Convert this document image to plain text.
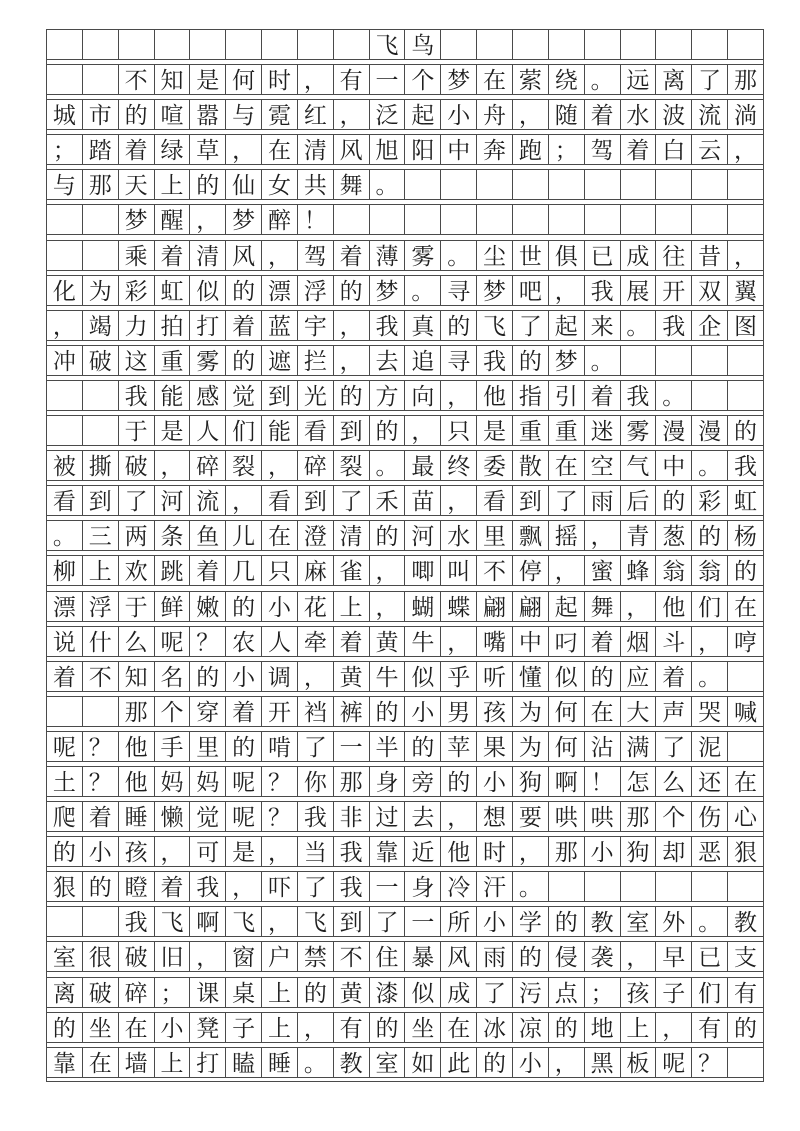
飞 鸟
不 知 是 何 时 ， 有 一 个 梦 在 萦 绕 。 远 离 了 那
城 市 的 喧 嚣 与 霓 红 ， 泛 起 小 舟 ， 随 着 水 波 流 淌
； 踏 着 绿 草 ， 在 清 风 旭 阳 中 奔 跑 ； 驾 着 白 云 ，
与 那 天 上 的 仙 女 共 舞 。
梦 醒 ， 梦 醉 ！
乘 着 清 风 ， 驾 着 薄 雾 。 尘 世 俱 已 成 往 昔 ，
化 为 彩 虹 似 的 漂 浮 的 梦 。 寻 梦 吧 ， 我 展 开 双 翼
， 竭 力 拍 打 着 蓝 宇 ， 我 真 的 飞 了 起 来 。 我 企 图
冲 破 这 重 雾 的 遮 拦 ， 去 追 寻 我 的 梦 。
我 能 感 觉 到 光 的 方 向 ， 他 指 引 着 我 。
于 是 人 们 能 看 到 的 ， 只 是 重 重 迷 雾 漫 漫 的
被 撕 破 ， 碎 裂 ， 碎 裂 。 最 终 委 散 在 空 气 中 。 我
看 到 了 河 流 ， 看 到 了 禾 苗 ， 看 到 了 雨 后 的 彩 虹
。 三 两 条 鱼 儿 在 澄 清 的 河 水 里 飘 摇 ， 青 葱 的 杨
柳 上 欢 跳 着 几 只 麻 雀 ， 唧 叫 不 停 ， 蜜 蜂 翁 翁 的
漂 浮 于 鲜 嫩 的 小 花 上 ， 蝴 蝶 翩 翩 起 舞 ， 他 们 在
说 什 么 呢 ？ 农 人 牵 着 黄 牛 ， 嘴 中 叼 着 烟 斗 ， 哼
着 不 知 名 的 小 调 ， 黄 牛 似 乎 听 懂 似 的 应 着 。
那 个 穿 着 开 裆 裤 的 小 男 孩 为 何 在 大 声 哭 喊
呢 ？ 他 手 里 的 啃 了 一 半 的 苹 果 为 何 沾 满 了 泥
土 ？ 他 妈 妈 呢 ？ 你 那 身 旁 的 小 狗 啊 ！ 怎 么 还 在
爬 着 睡 懒 觉 呢 ？ 我 非 过 去 ， 想 要 哄 哄 那 个 伤 心
的 小 孩 ， 可 是 ， 当 我 靠 近 他 时 ， 那 小 狗 却 恶 狠
狠 的 瞪 着 我 ， 吓 了 我 一 身 冷 汗 。
我 飞 啊 飞 ， 飞 到 了 一 所 小 学 的 教 室 外 。 教
室 很 破 旧 ， 窗 户 禁 不 住 暴 风 雨 的 侵 袭 ， 早 已 支
离 破 碎 ； 课 桌 上 的 黄 漆 似 成 了 污 点 ； 孩 子 们 有
的 坐 在 小 凳 子 上 ， 有 的 坐 在 冰 凉 的 地 上 ， 有 的
靠 在 墙 上 打 瞌 睡 。 教 室 如 此 的 小 ， 黑 板 呢 ？
